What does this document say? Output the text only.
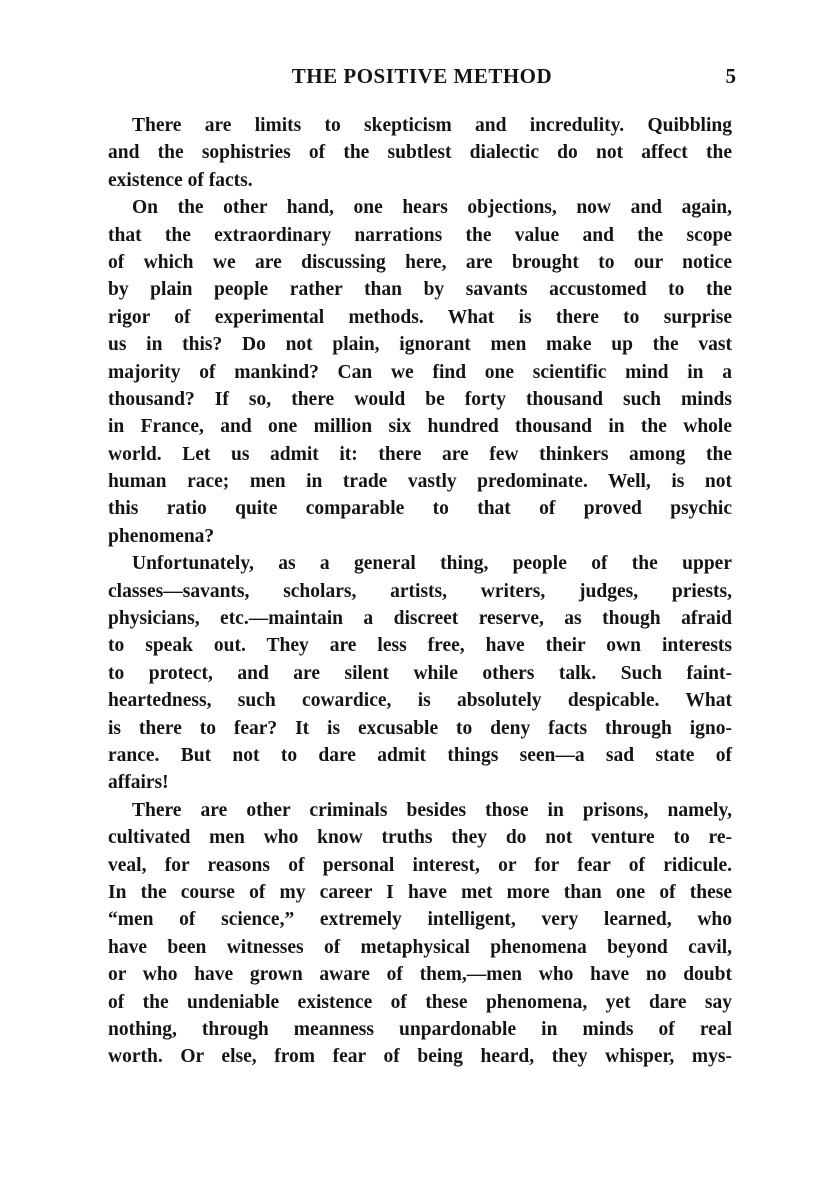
THE POSITIVE METHOD	5
There are limits to skepticism and incredulity. Quibbling
and the sophistries of the subtlest dialectic do not affect the
existence of facts.
On the other hand, one hears objections, now and again,
that the extraordinary narrations the value and the scope
of which we are discussing here, are brought to our notice
by plain people rather than by savants accustomed to the
rigor of experimental methods. What is there to surprise
us in this? Do not plain, ignorant men make up the vast
majority of mankind? Can we find one scientific mind in a
thousand? If so, there would be forty thousand such minds
in France, and one million six hundred thousand in the whole
world. Let us admit it: there are few thinkers among the
human race; men in trade vastly predominate. Well, is not
this ratio quite comparable to that of proved psychic
phenomena?
Unfortunately, as a general thing, people of the upper
classes—savants, scholars, artists, writers, judges, priests,
physicians, etc.—maintain a discreet reserve, as though afraid
to speak out. They are less free, have their own interests
to protect, and are silent while others talk. Such faint-
heartedness, such cowardice, is absolutely despicable. What
is there to fear? It is excusable to deny facts through igno-
rance. But not to dare admit things seen—a sad state of
affairs!
There are other criminals besides those in prisons, namely,
cultivated men who know truths they do not venture to re-
veal, for reasons of personal interest, or for fear of ridicule.
In the course of my career I have met more than one of these
“men of science,” extremely intelligent, very learned, who
have been witnesses of metaphysical phenomena beyond cavil,
or who have grown aware of them,—men who have no doubt
of the undeniable existence of these phenomena, yet dare say
nothing, through meanness unpardonable in minds of real
worth. Or else, from fear of being heard, they whisper, mys-
